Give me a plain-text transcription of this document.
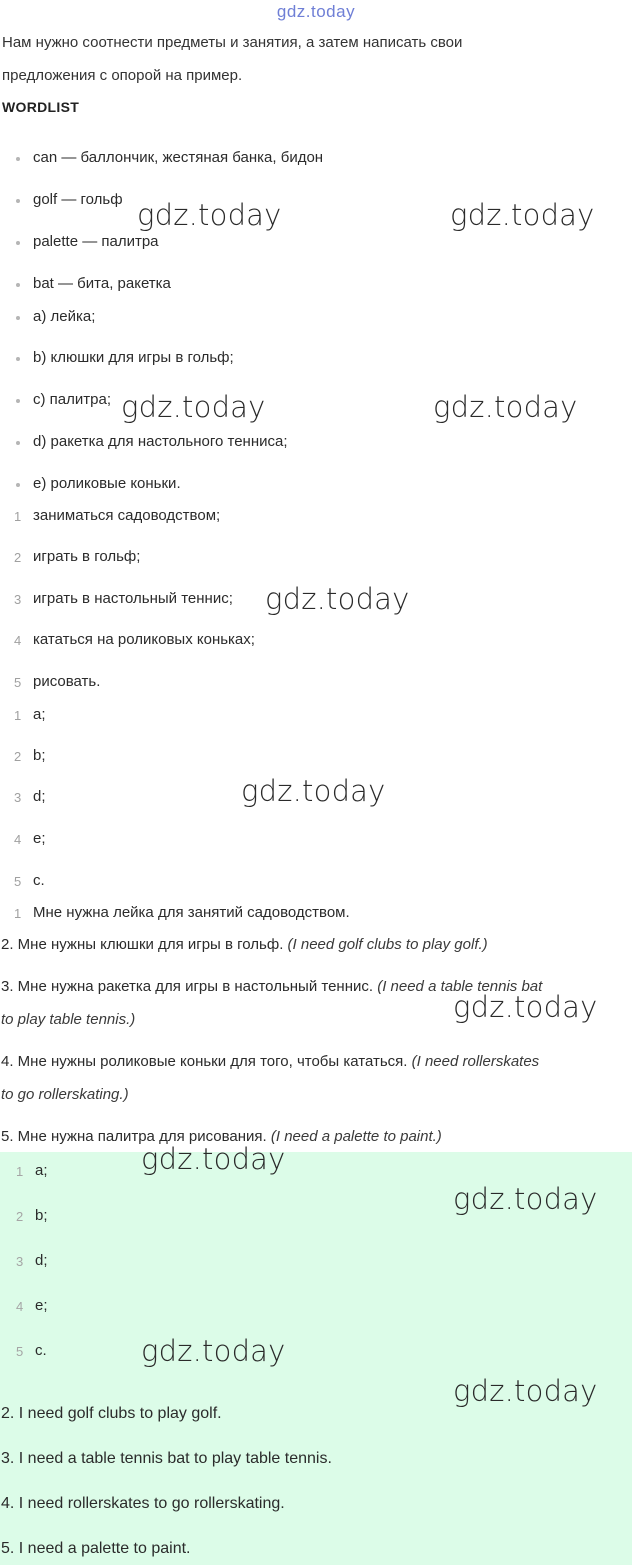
gdz.today
Нам нужно соотнести предметы и занятия, а затем написать свои
предложения с опорой на пример.
WORDLIST
can — баллончик, жестяная банка, бидон
golf — гольф
palette — палитра
bat — бита, ракетка
a) лейка;
b) клюшки для игры в гольф;
c) палитра;
d) ракетка для настольного тенниса;
e) роликовые коньки.
1 заниматься садоводством;
2 играть в гольф;
3 играть в настольный теннис;
4 кататься на роликовых коньках;
5 рисовать.
1 a;
2 b;
3 d;
4 e;
5 c.
1 Мне нужна лейка для занятий садоводством.
2. Мне нужны клюшки для игры в гольф. (I need golf clubs to play golf.)
3. Мне нужна ракетка для игры в настольный теннис. (I need a table tennis bat
to play table tennis.)
4. Мне нужны роликовые коньки для того, чтобы кататься. (I need rollerskates
to go rollerskating.)
5. Мне нужна палитра для рисования. (I need a palette to paint.)
1 a;
2 b;
3 d;
4 e;
5 c.
2. I need golf clubs to play golf.
3. I need a table tennis bat to play table tennis.
4. I need rollerskates to go rollerskating.
5. I need a palette to paint.
gdz.today	gdz.today
gdz.today	gdz.today
gdz.today
gdz.today
gdz.today
gdz.today
gdz.today
gdz.today
gdz.today
